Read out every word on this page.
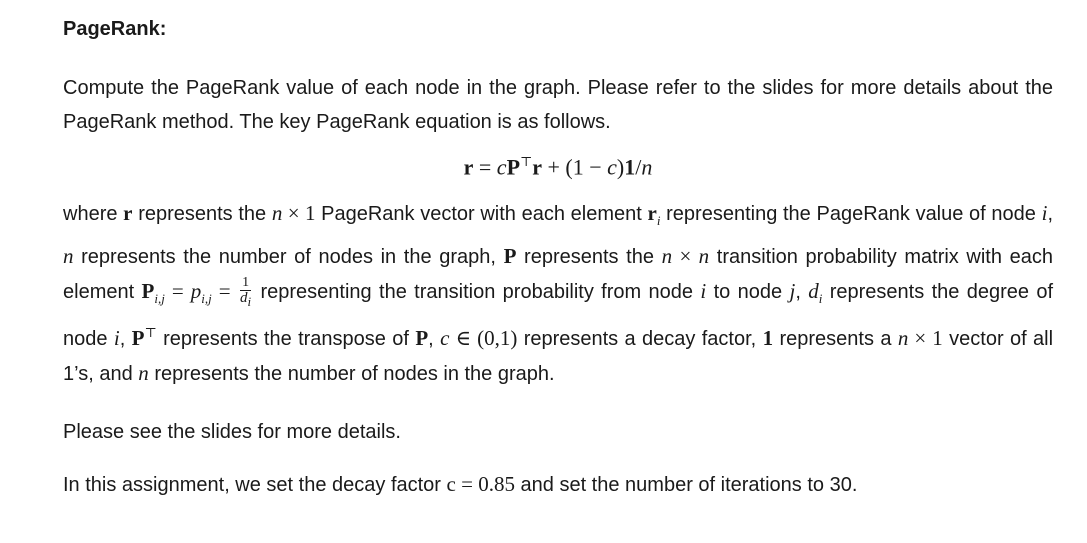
PageRank:

Compute the PageRank value of each node in the graph. Please refer to the slides for more details about the PageRank method. The key PageRank equation is as follows.

r = cP⊤r + (1 − c)1/n

where r represents the n × 1 PageRank vector with each element $r_i$ representing the PageRank value of node i, n represents the number of nodes in the graph, P represents the n × n transition probability matrix with each element $P_{i,j} = p_{i,j} = \frac{1}{d_i}$ representing the transition probability from node i to node j, $d_i$ represents the degree of node i, P⊤ represents the transpose of P, c ∈ (0,1) represents a decay factor, 1 represents a n × 1 vector of all 1’s, and n represents the number of nodes in the graph.

Please see the slides for more details.

In this assignment, we set the decay factor c = 0.85 and set the number of iterations to 30.
